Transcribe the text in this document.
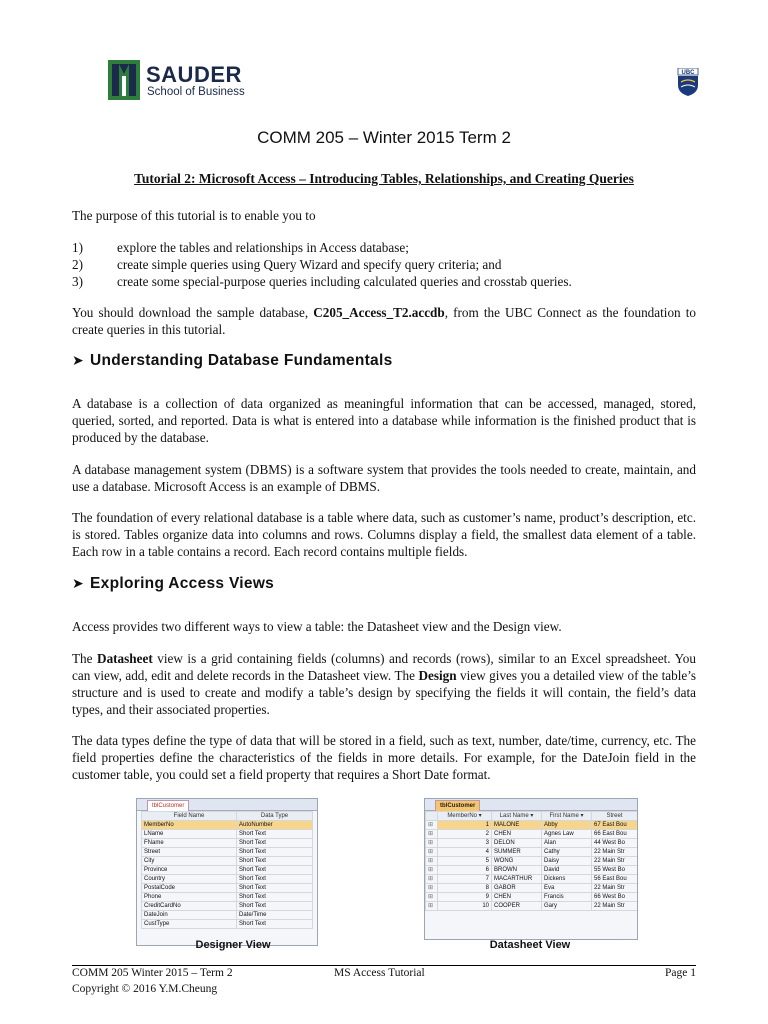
SAUDER
School of Business
UBC
COMM 205 – Winter 2015 Term 2
Tutorial 2: Microsoft Access – Introducing Tables, Relationships, and Creating Queries
The purpose of this tutorial is to enable you to
1)	explore the tables and relationships in Access database;
2)	create simple queries using Query Wizard and specify query criteria; and
3)	create some special-purpose queries including calculated queries and crosstab queries.
You should download the sample database, C205_Access_T2.accdb, from the UBC Connect as the foundation to create queries in this tutorial.
➤ Understanding Database Fundamentals
A database is a collection of data organized as meaningful information that can be accessed, managed, stored, queried, sorted, and reported. Data is what is entered into a database while information is the finished product that is produced by the database.
A database management system (DBMS) is a software system that provides the tools needed to create, maintain, and use a database. Microsoft Access is an example of DBMS.
The foundation of every relational database is a table where data, such as customer’s name, product’s description, etc. is stored. Tables organize data into columns and rows. Columns display a field, the smallest data element of a table. Each row in a table contains a record. Each record contains multiple fields.
➤ Exploring Access Views
Access provides two different ways to view a table: the Datasheet view and the Design view.
The Datasheet view is a grid containing fields (columns) and records (rows), similar to an Excel spreadsheet. You can view, add, edit and delete records in the Datasheet view. The Design view gives you a detailed view of the table’s structure and is used to create and modify a table’s design by specifying the fields it will contain, the field’s data types, and their associated properties.
The data types define the type of data that will be stored in a field, such as text, number, date/time, currency, etc. The field properties define the characteristics of the fields in more details. For example, for the DateJoin field in the customer table, you could set a field property that requires a Short Date format.
tblCustomer
Field Name	Data Type
MemberNo	AutoNumber
LName	Short Text
FName	Short Text
Street	Short Text
City	Short Text
Province	Short Text
Country	Short Text
PostalCode	Short Text
Phone	Short Text
CreditCardNo	Short Text
DateJoin	Date/Time
CustType	Short Text
Designer View
tblCustomer
	MemberNo ▾	Last Name ▾	First Name ▾	Street
⊞	1	MALONE	Abby	67 East Bou
⊞	2	CHEN	Agnes Law	66 East Bou
⊞	3	DELON	Alan	44 West Bo
⊞	4	SUMMER	Cathy	22 Main Str
⊞	5	WONG	Daisy	22 Main Str
⊞	6	BROWN	David	55 West Bo
⊞	7	MACARTHUR	Dickens	56 East Bou
⊞	8	GABOR	Eva	22 Main Str
⊞	9	CHEN	Francis	66 West Bo
⊞	10	COOPER	Gary	22 Main Str
Datasheet View
COMM 205 Winter 2015 – Term 2
Copyright © 2016 Y.M.Cheung
MS Access Tutorial	Page 1
